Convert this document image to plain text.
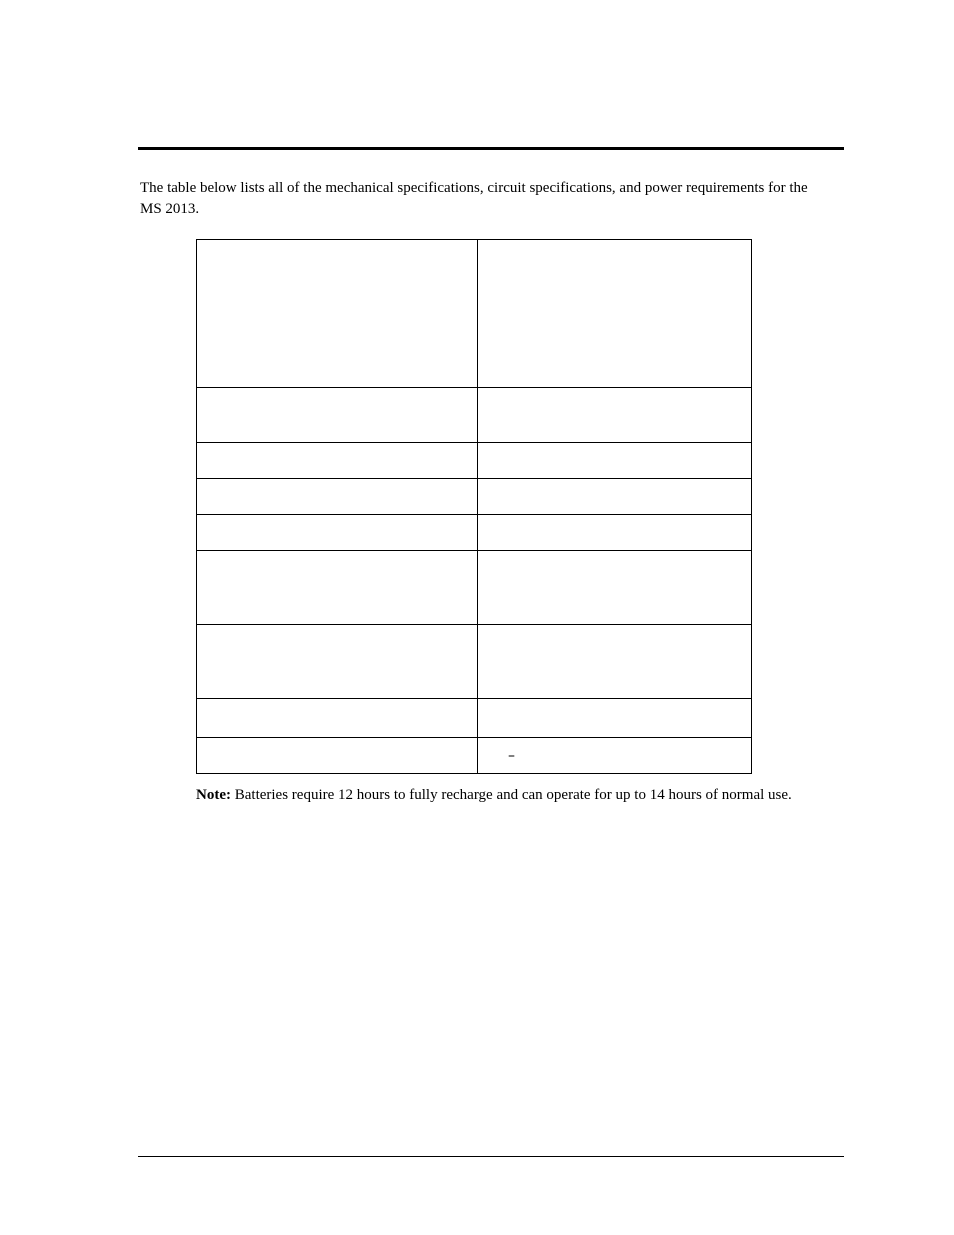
The table below lists all of the mechanical specifications, circuit specifications, and power requirements for the MS 2013.

	–

Note: Batteries require 12 hours to fully recharge and can operate for up to 14 hours of normal use.
